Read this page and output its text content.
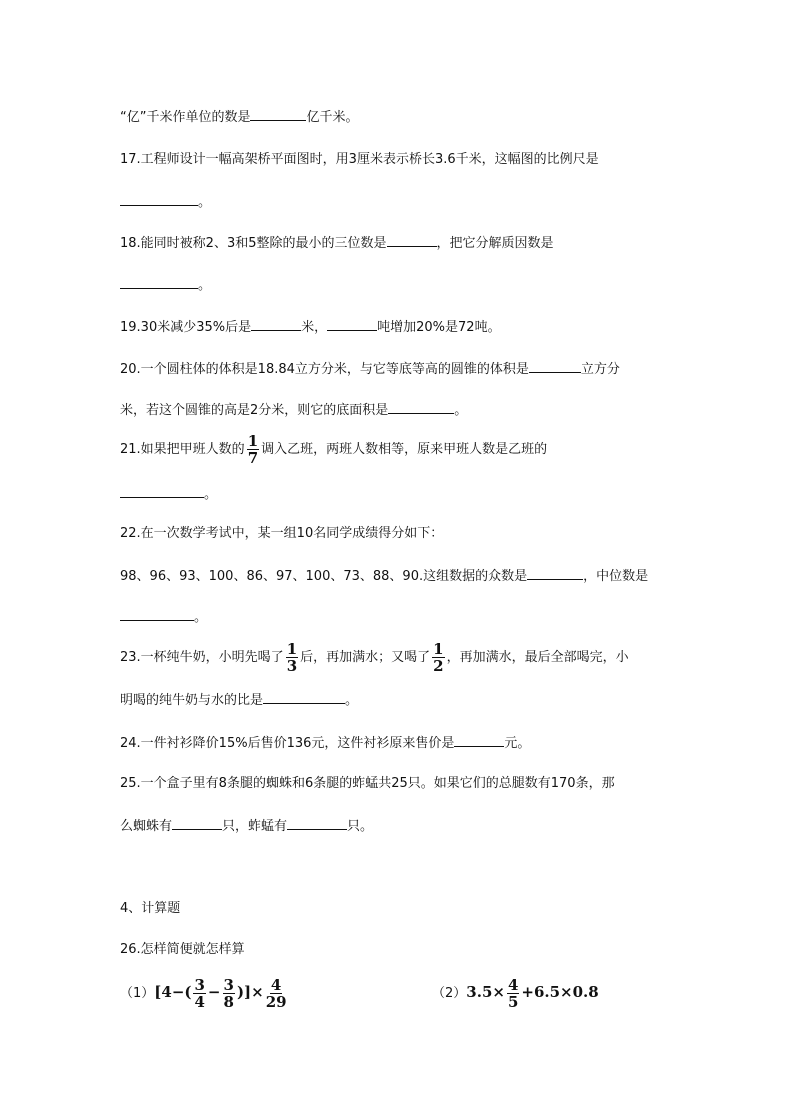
“亿”千米作单位的数是	亿千米。
17.工程师设计一幅高架桥平面图时，用3厘米表示桥长3.6千米，这幅图的比例尺是
。
18.能同时被称2、3和5整除的最小的三位数是	，把它分解质因数是
。
19.30米减少35%后是	米，	吨增加20%是72吨。
20.一个圆柱体的体积是18.84立方分米，与它等底等高的圆锥的体积是	立方分
米，若这个圆锥的高是2分米，则它的底面积是	。
21.如果把甲班人数的 $\frac{1}{7}$ 调入乙班，两班人数相等，原来甲班人数是乙班的
。
22.在一次数学考试中，某一组10名同学成绩得分如下：
98、96、93、100、86、97、100、73、88、90.这组数据的众数是	，中位数是
。
23.一杯纯牛奶，小明先喝了 $\frac{1}{3}$ 后，再加满水；又喝了 $\frac{1}{2}$ ，再加满水，最后全部喝完，小
明喝的纯牛奶与水的比是	。
24.一件衬衫降价15%后售价136元，这件衬衫原来售价是	元。
25.一个盒子里有8条腿的蜘蛛和6条腿的蚱蜢共25只。如果它们的总腿数有170条，那
么蜘蛛有	只，蚱蜢有	只。
4、计算题
26.怎样简便就怎样算
$(1)[4-( \frac{3}{4} - \frac{3}{8}$ )]× $\frac{4}{29}$	$(2)3.5\times \frac{4}{5} +6.5\times 0.8$
